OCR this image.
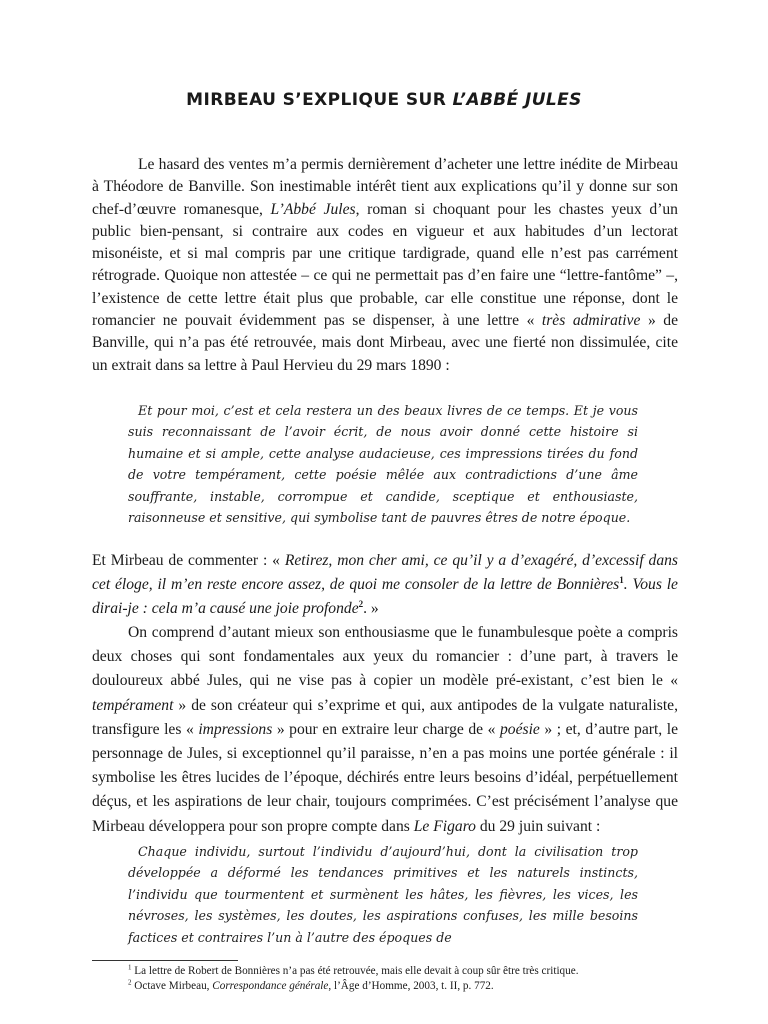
MIRBEAU S’EXPLIQUE SUR L’ABBÉ JULES
Le hasard des ventes m’a permis dernièrement d’acheter une lettre inédite de Mirbeau à Théodore de Banville. Son inestimable intérêt tient aux explications qu’il y donne sur son chef-d’œuvre romanesque, L’Abbé Jules, roman si choquant pour les chastes yeux d’un public bien-pensant, si contraire aux codes en vigueur et aux habitudes d’un lectorat misonéiste, et si mal compris par une critique tardigrade, quand elle n’est pas carrément rétrograde. Quoique non attestée – ce qui ne permettait pas d’en faire une “lettre-fantôme” –, l’existence de cette lettre était plus que probable, car elle constitue une réponse, dont le romancier ne pouvait évidemment pas se dispenser, à une lettre « très admirative » de Banville, qui n’a pas été retrouvée, mais dont Mirbeau, avec une fierté non dissimulée, cite un extrait dans sa lettre à Paul Hervieu du 29 mars 1890 :
Et pour moi, c’est et cela restera un des beaux livres de ce temps. Et je vous suis reconnaissant de l’avoir écrit, de nous avoir donné cette histoire si humaine et si ample, cette analyse audacieuse, ces impressions tirées du fond de votre tempérament, cette poésie mêlée aux contradictions d’une âme souffrante, instable, corrompue et candide, sceptique et enthousiaste, raisonneuse et sensitive, qui symbolise tant de pauvres êtres de notre époque.
Et Mirbeau de commenter : « Retirez, mon cher ami, ce qu’il y a d’exagéré, d’excessif dans cet éloge, il m’en reste encore assez, de quoi me consoler de la lettre de Bonnières$^1$. Vous le dirai-je : cela m’a causé une joie profonde$^2$. »
On comprend d’autant mieux son enthousiasme que le funambulesque poète a compris deux choses qui sont fondamentales aux yeux du romancier : d’une part, à travers le douloureux abbé Jules, qui ne vise pas à copier un modèle pré-existant, c’est bien le « tempérament » de son créateur qui s’exprime et qui, aux antipodes de la vulgate naturaliste, transfigure les « impressions » pour en extraire leur charge de « poésie » ; et, d’autre part, le personnage de Jules, si exceptionnel qu’il paraisse, n’en a pas moins une portée générale : il symbolise les êtres lucides de l’époque, déchirés entre leurs besoins d’idéal, perpétuellement déçus, et les aspirations de leur chair, toujours comprimées. C’est précisément l’analyse que Mirbeau développera pour son propre compte dans Le Figaro du 29 juin suivant :
Chaque individu, surtout l’individu d’aujourd’hui, dont la civilisation trop développée a déformé les tendances primitives et les naturels instincts, l’individu que tourmentent et surmènent les hâtes, les fièvres, les vices, les névroses, les systèmes, les doutes, les aspirations confuses, les mille besoins factices et contraires l’un à l’autre des époques de
$^1$ La lettre de Robert de Bonnières n’a pas été retrouvée, mais elle devait à coup sûr être très critique.
$^2$ Octave Mirbeau, Correspondance générale, l’Âge d’Homme, 2003, t. II, p. 772.
